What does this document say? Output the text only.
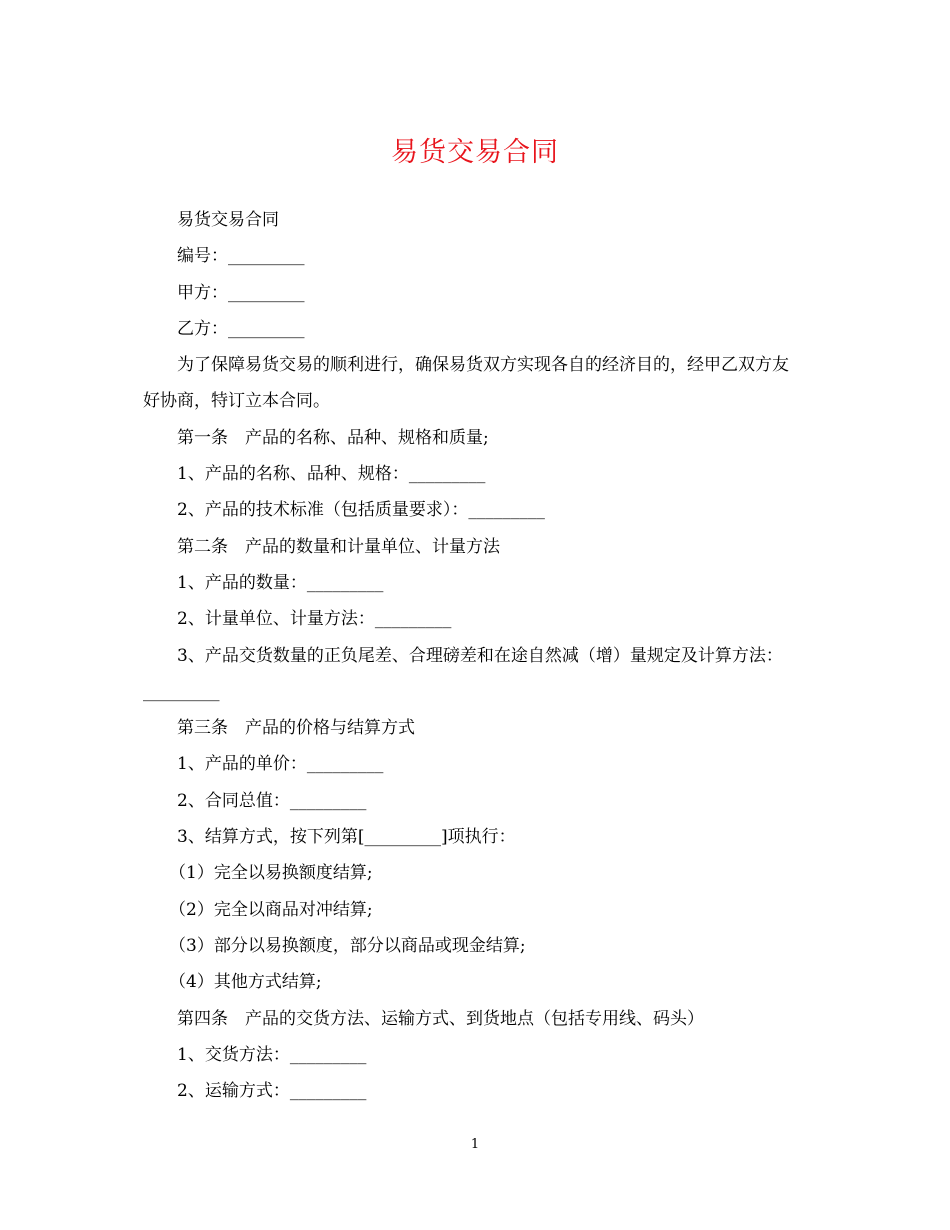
易货交易合同

易货交易合同

编号：_________

甲方：_________

乙方：_________

为了保障易货交易的顺利进行，确保易货双方实现各自的经济目的，经甲乙双方友好协商，特订立本合同。

第一条　产品的名称、品种、规格和质量;

1、产品的名称、品种、规格：_________

2、产品的技术标准（包括质量要求）：_________

第二条　产品的数量和计量单位、计量方法

1、产品的数量：_________

2、计量单位、计量方法：_________

3、产品交货数量的正负尾差、合理磅差和在途自然减（增）量规定及计算方法：_________

第三条　产品的价格与结算方式

1、产品的单价：_________

2、合同总值：_________

3、结算方式，按下列第[_________]项执行：

（1）完全以易换额度结算;

（2）完全以商品对冲结算;

（3）部分以易换额度，部分以商品或现金结算;

（4）其他方式结算;

第四条　产品的交货方法、运输方式、到货地点（包括专用线、码头）

1、交货方法：_________

2、运输方式：_________

1
